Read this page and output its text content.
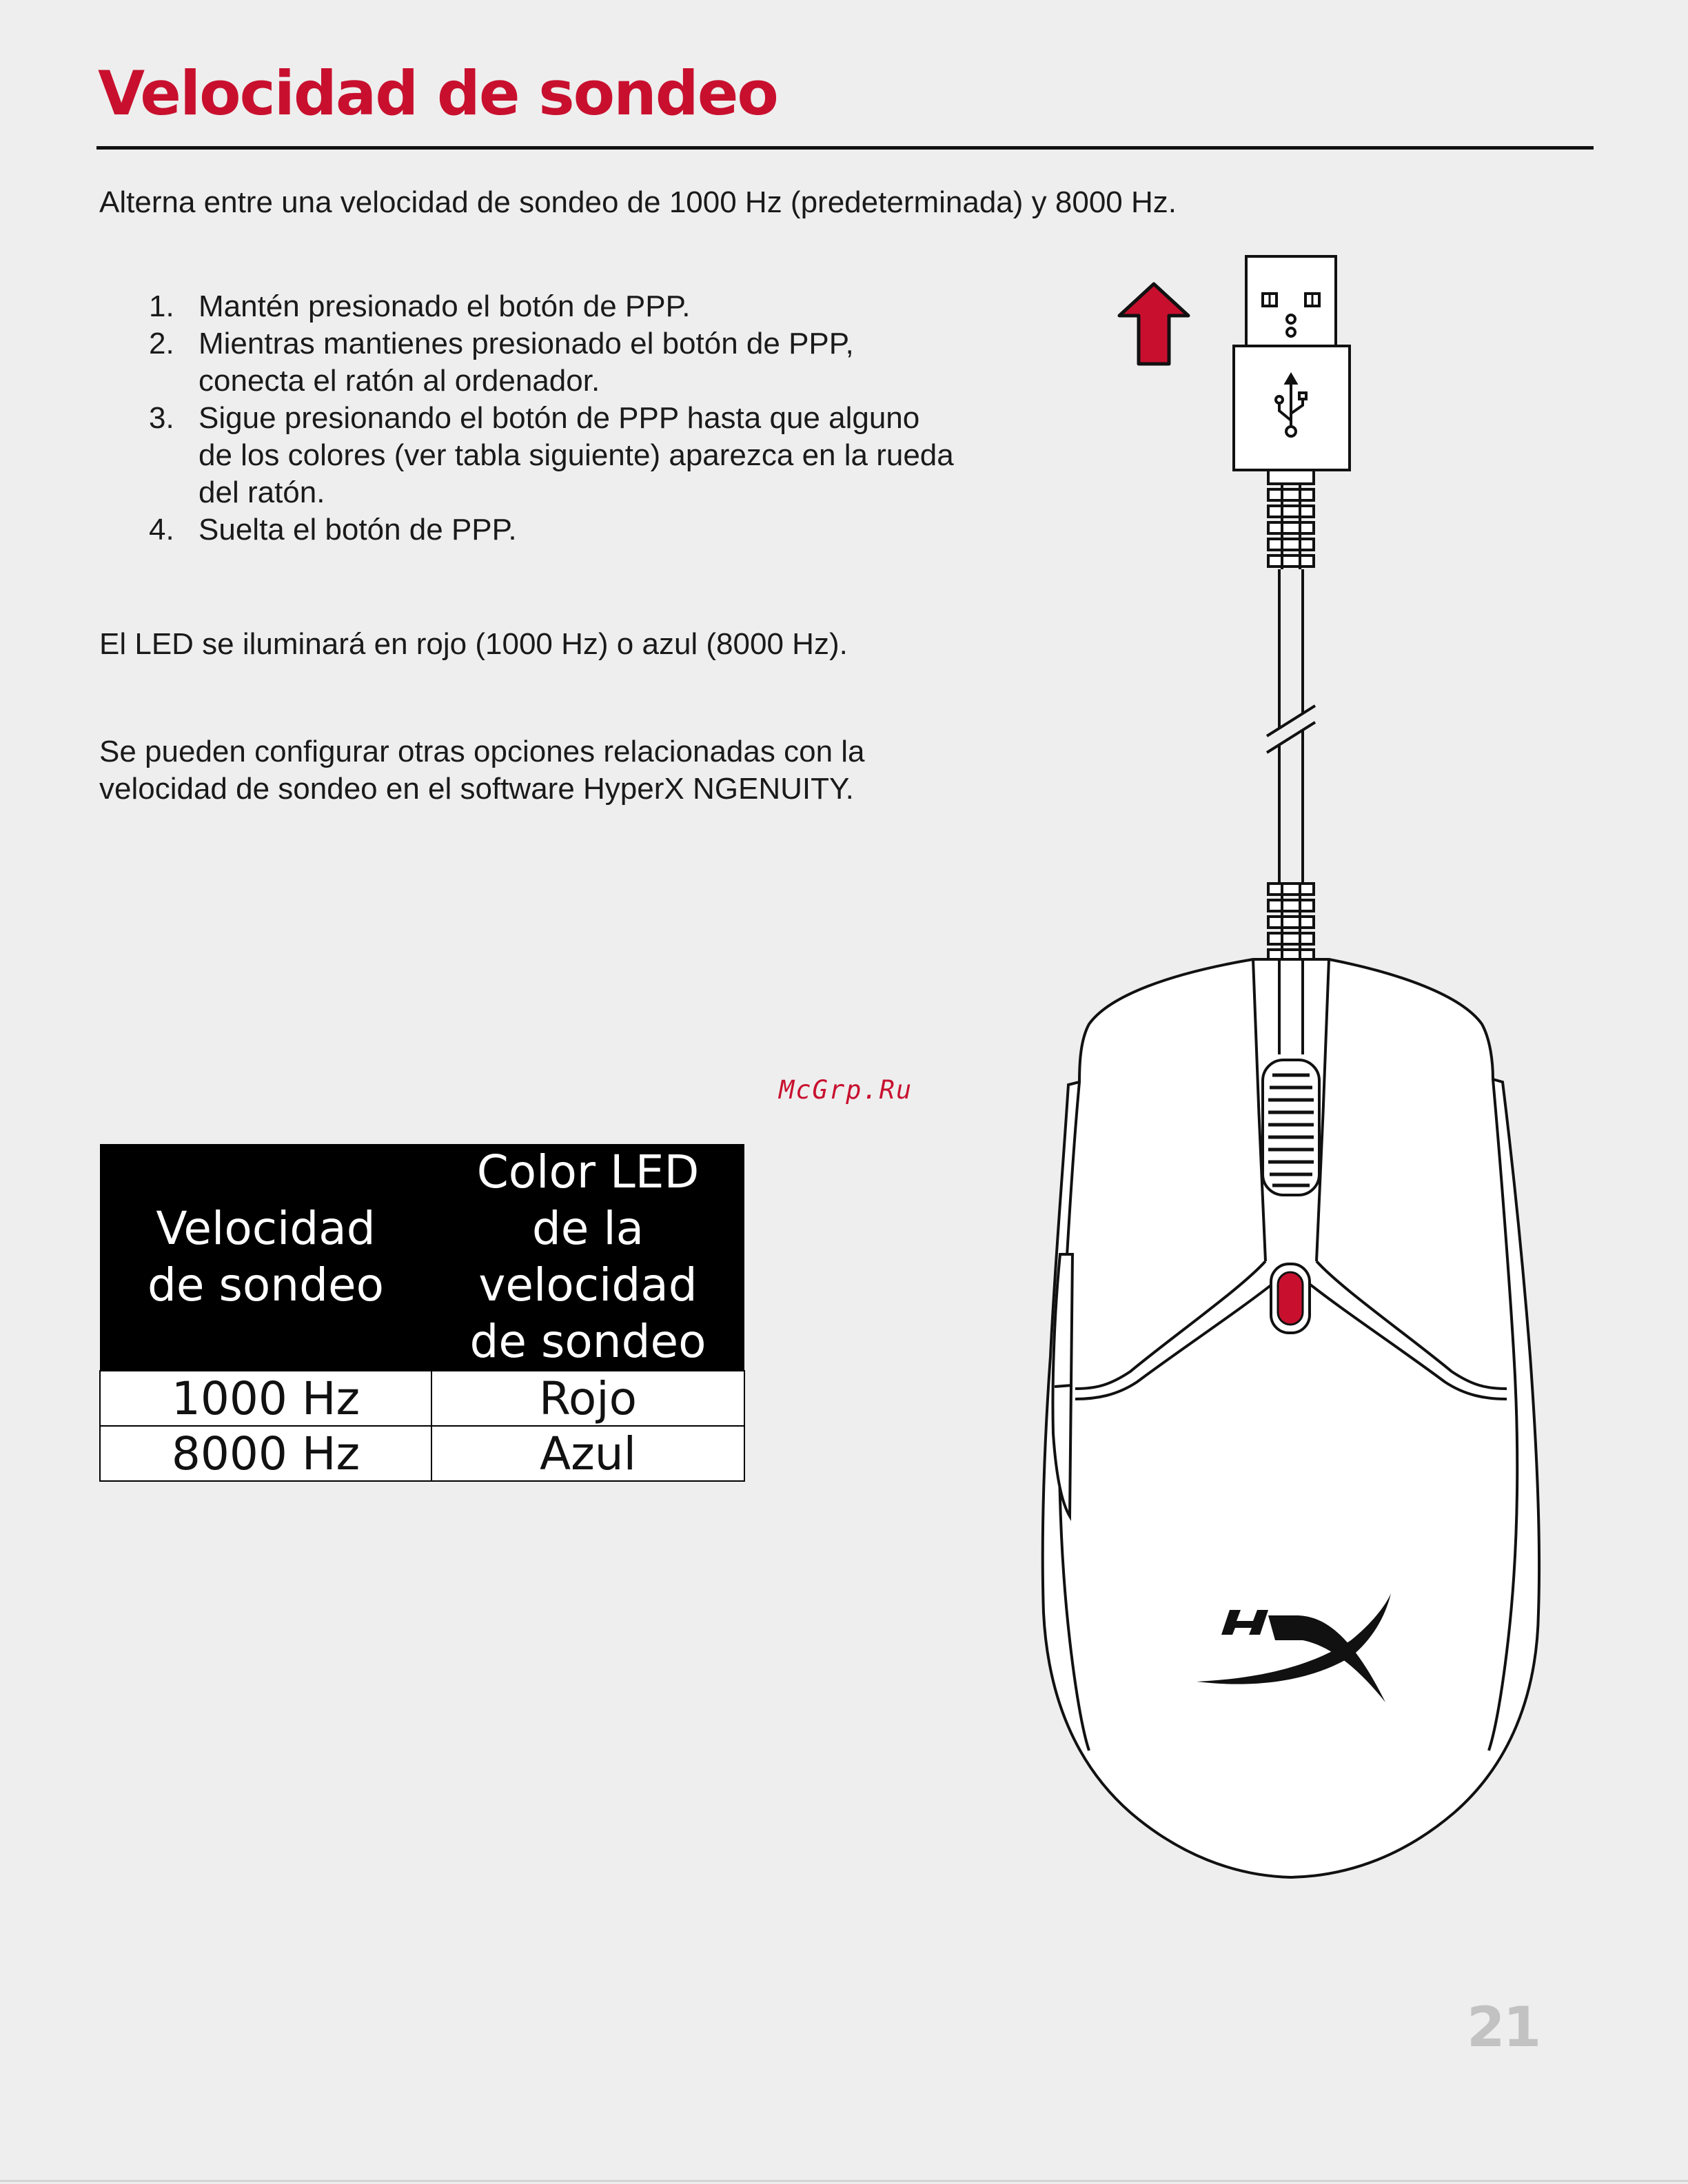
Velocidad de sondeo

Alterna entre una velocidad de sondeo de 1000 Hz (predeterminada) y 8000 Hz.

1. Mantén presionado el botón de PPP.
2. Mientras mantienes presionado el botón de PPP,
conecta el ratón al ordenador.
3. Sigue presionando el botón de PPP hasta que alguno
de los colores (ver tabla siguiente) aparezca en la rueda
del ratón.
4. Suelta el botón de PPP.

El LED se iluminará en rojo (1000 Hz) o azul (8000 Hz).

Se pueden configurar otras opciones relacionadas con la

velocidad de sondeo en el software HyperX NGENUITY.

McGrp.Ru
Velocidad
de sondeo	Color LED
de la
velocidad
de sondeo
1000 Hz	Rojo
8000 Hz	Azul
21
